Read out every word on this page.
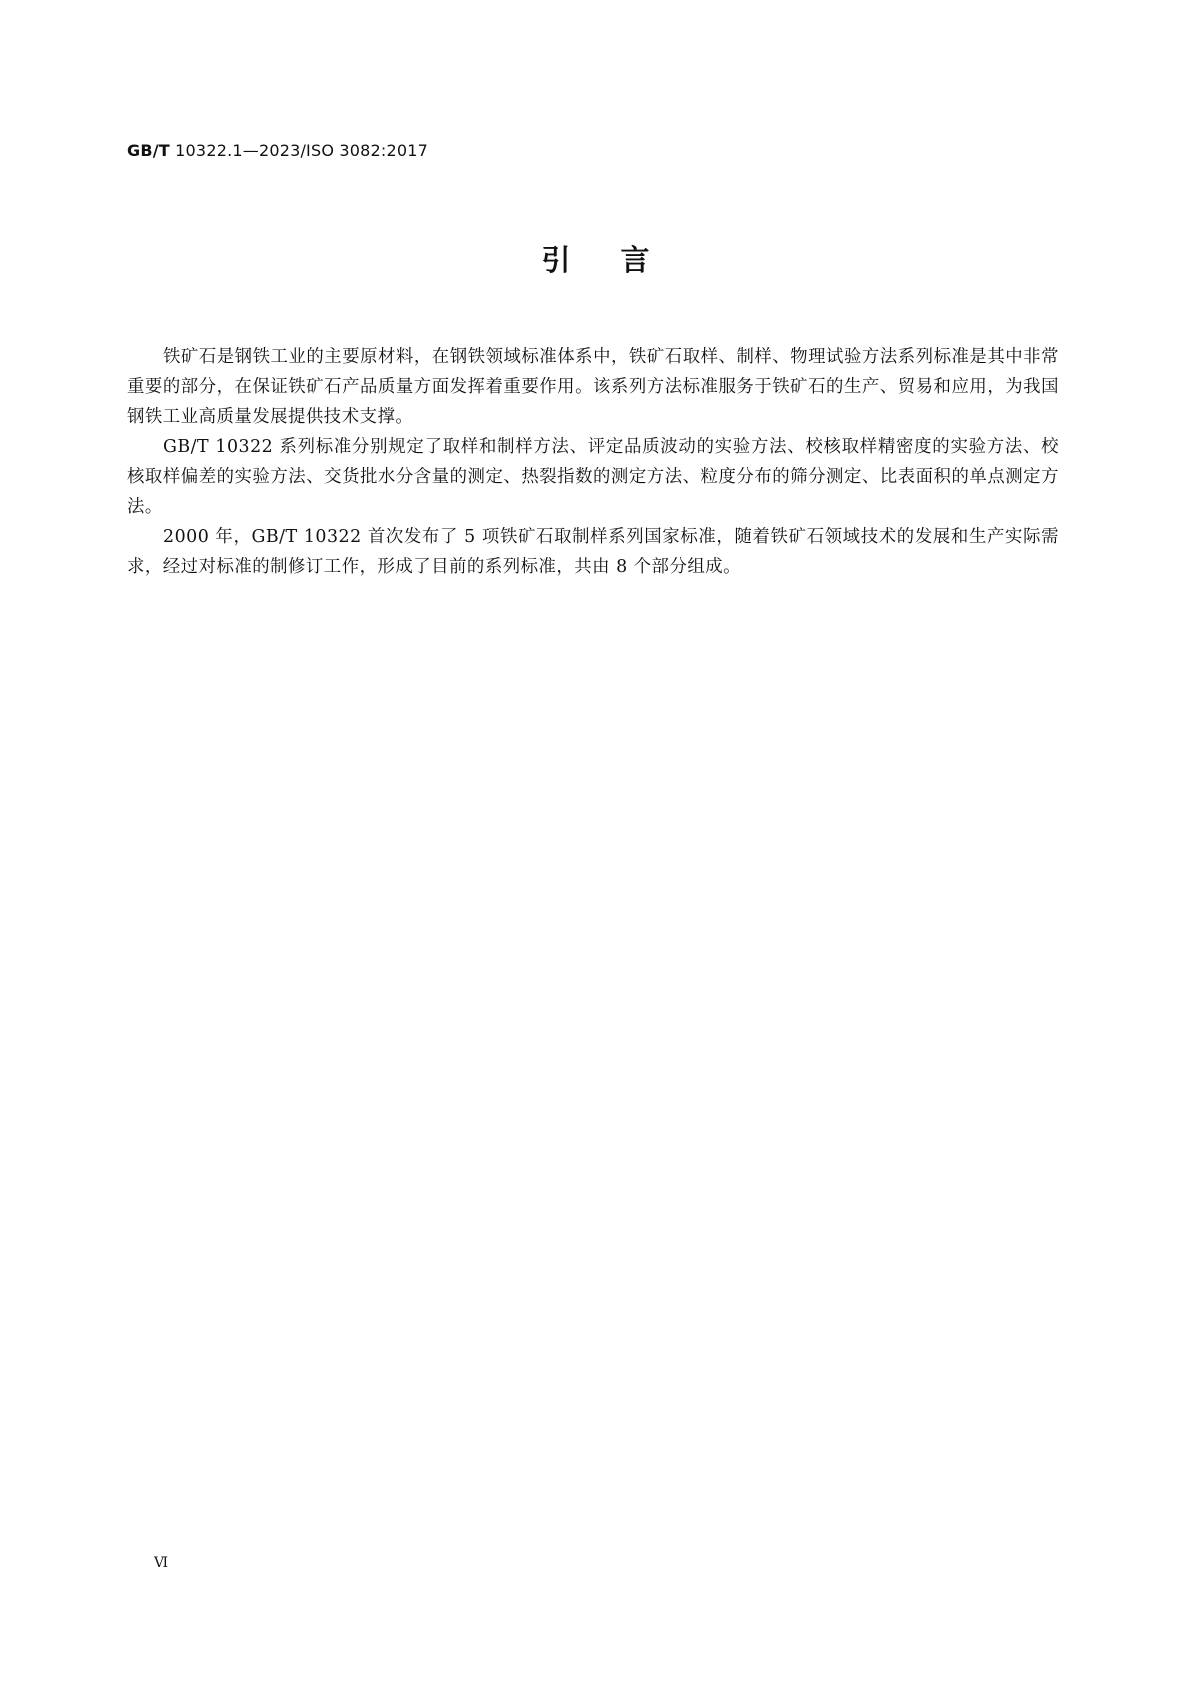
GB/T 10322.1—2023/ISO 3082:2017
引言

铁矿石是钢铁工业的主要原材料，在钢铁领域标准体系中，铁矿石取样、制样、物理试验方法系列标准是其中非常重要的部分，在保证铁矿石产品质量方面发挥着重要作用。该系列方法标准服务于铁矿石的生产、贸易和应用，为我国钢铁工业高质量发展提供技术支撑。

GB/T 10322 系列标准分别规定了取样和制样方法、评定品质波动的实验方法、校核取样精密度的实验方法、校核取样偏差的实验方法、交货批水分含量的测定、热裂指数的测定方法、粒度分布的筛分测定、比表面积的单点测定方法。

2000 年，GB/T 10322 首次发布了 5 项铁矿石取制样系列国家标准，随着铁矿石领域技术的发展和生产实际需求，经过对标准的制修订工作，形成了目前的系列标准，共由 8 个部分组成。

Ⅵ
